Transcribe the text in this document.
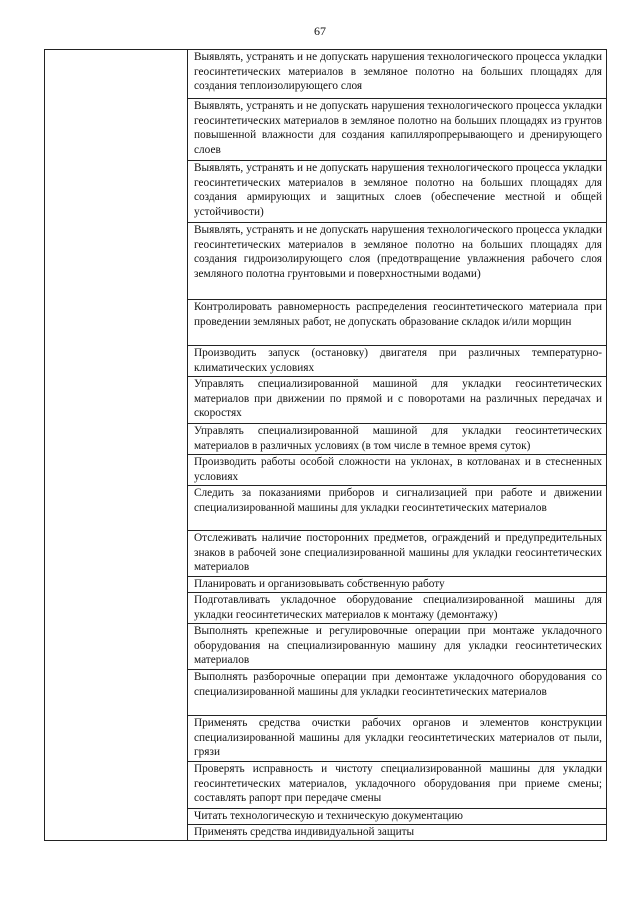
67

Выявлять, устранять и не допускать нарушения технологического процесса укладки геосинтетических материалов в земляное полотно на больших площадях для создания теплоизолирующего слоя

Выявлять, устранять и не допускать нарушения технологического процесса укладки геосинтетических материалов в земляное полотно на больших площадях из грунтов повышенной влажности для создания капилляропрерывающего и дренирующего слоев

Выявлять, устранять и не допускать нарушения технологического процесса укладки геосинтетических материалов в земляное полотно на больших площадях для создания армирующих и защитных слоев (обеспечение местной и общей устойчивости)

Выявлять, устранять и не допускать нарушения технологического процесса укладки геосинтетических материалов в земляное полотно на больших площадях для создания гидроизолирующего слоя (предотвращение увлажнения рабочего слоя земляного полотна грунтовыми и поверхностными водами)

Контролировать равномерность распределения геосинтетического материала при проведении земляных работ, не допускать образование складок и/или морщин

Производить запуск (остановку) двигателя при различных температурно-климатических условиях

Управлять специализированной машиной для укладки геосинтетических материалов при движении по прямой и с поворотами на различных передачах и скоростях

Управлять специализированной машиной для укладки геосинтетических материалов в различных условиях (в том числе в темное время суток)

Производить работы особой сложности на уклонах, в котлованах и в стесненных условиях

Следить за показаниями приборов и сигнализацией при работе и движении специализированной машины для укладки геосинтетических материалов

Отслеживать наличие посторонних предметов, ограждений и предупредительных знаков в рабочей зоне специализированной машины для укладки геосинтетических материалов

Планировать и организовывать собственную работу

Подготавливать укладочное оборудование специализированной машины для укладки геосинтетических материалов к монтажу (демонтажу)

Выполнять крепежные и регулировочные операции при монтаже укладочного оборудования на специализированную машину для укладки геосинтетических материалов

Выполнять разборочные операции при демонтаже укладочного оборудования со специализированной машины для укладки геосинтетических материалов

Применять средства очистки рабочих органов и элементов конструкции специализированной машины для укладки геосинтетических материалов от пыли, грязи

Проверять исправность и чистоту специализированной машины для укладки геосинтетических материалов, укладочного оборудования при приеме смены; составлять рапорт при передаче смены

Читать технологическую и техническую документацию

Применять средства индивидуальной защиты
